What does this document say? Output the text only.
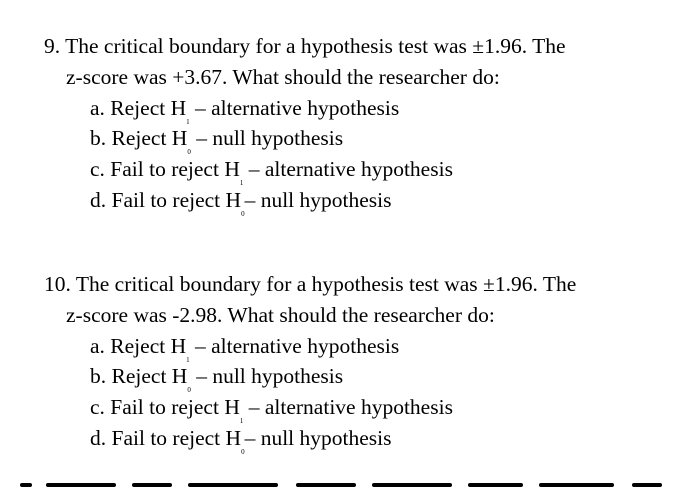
9. The critical boundary for a hypothesis test was ±1.96. The
z-score was +3.67. What should the researcher do:
a. Reject $H_1$ – alternative hypothesis
b. Reject $H_0$ – null hypothesis
c. Fail to reject $H_1$ – alternative hypothesis
d. Fail to reject $H_0-$ null hypothesis
10. The critical boundary for a hypothesis test was ±1.96. The
z-score was -2.98. What should the researcher do:
a. Reject $H_1$ – alternative hypothesis
b. Reject $H_0$ – null hypothesis
c. Fail to reject $H_1$ – alternative hypothesis
d. Fail to reject $H_0-$ null hypothesis
